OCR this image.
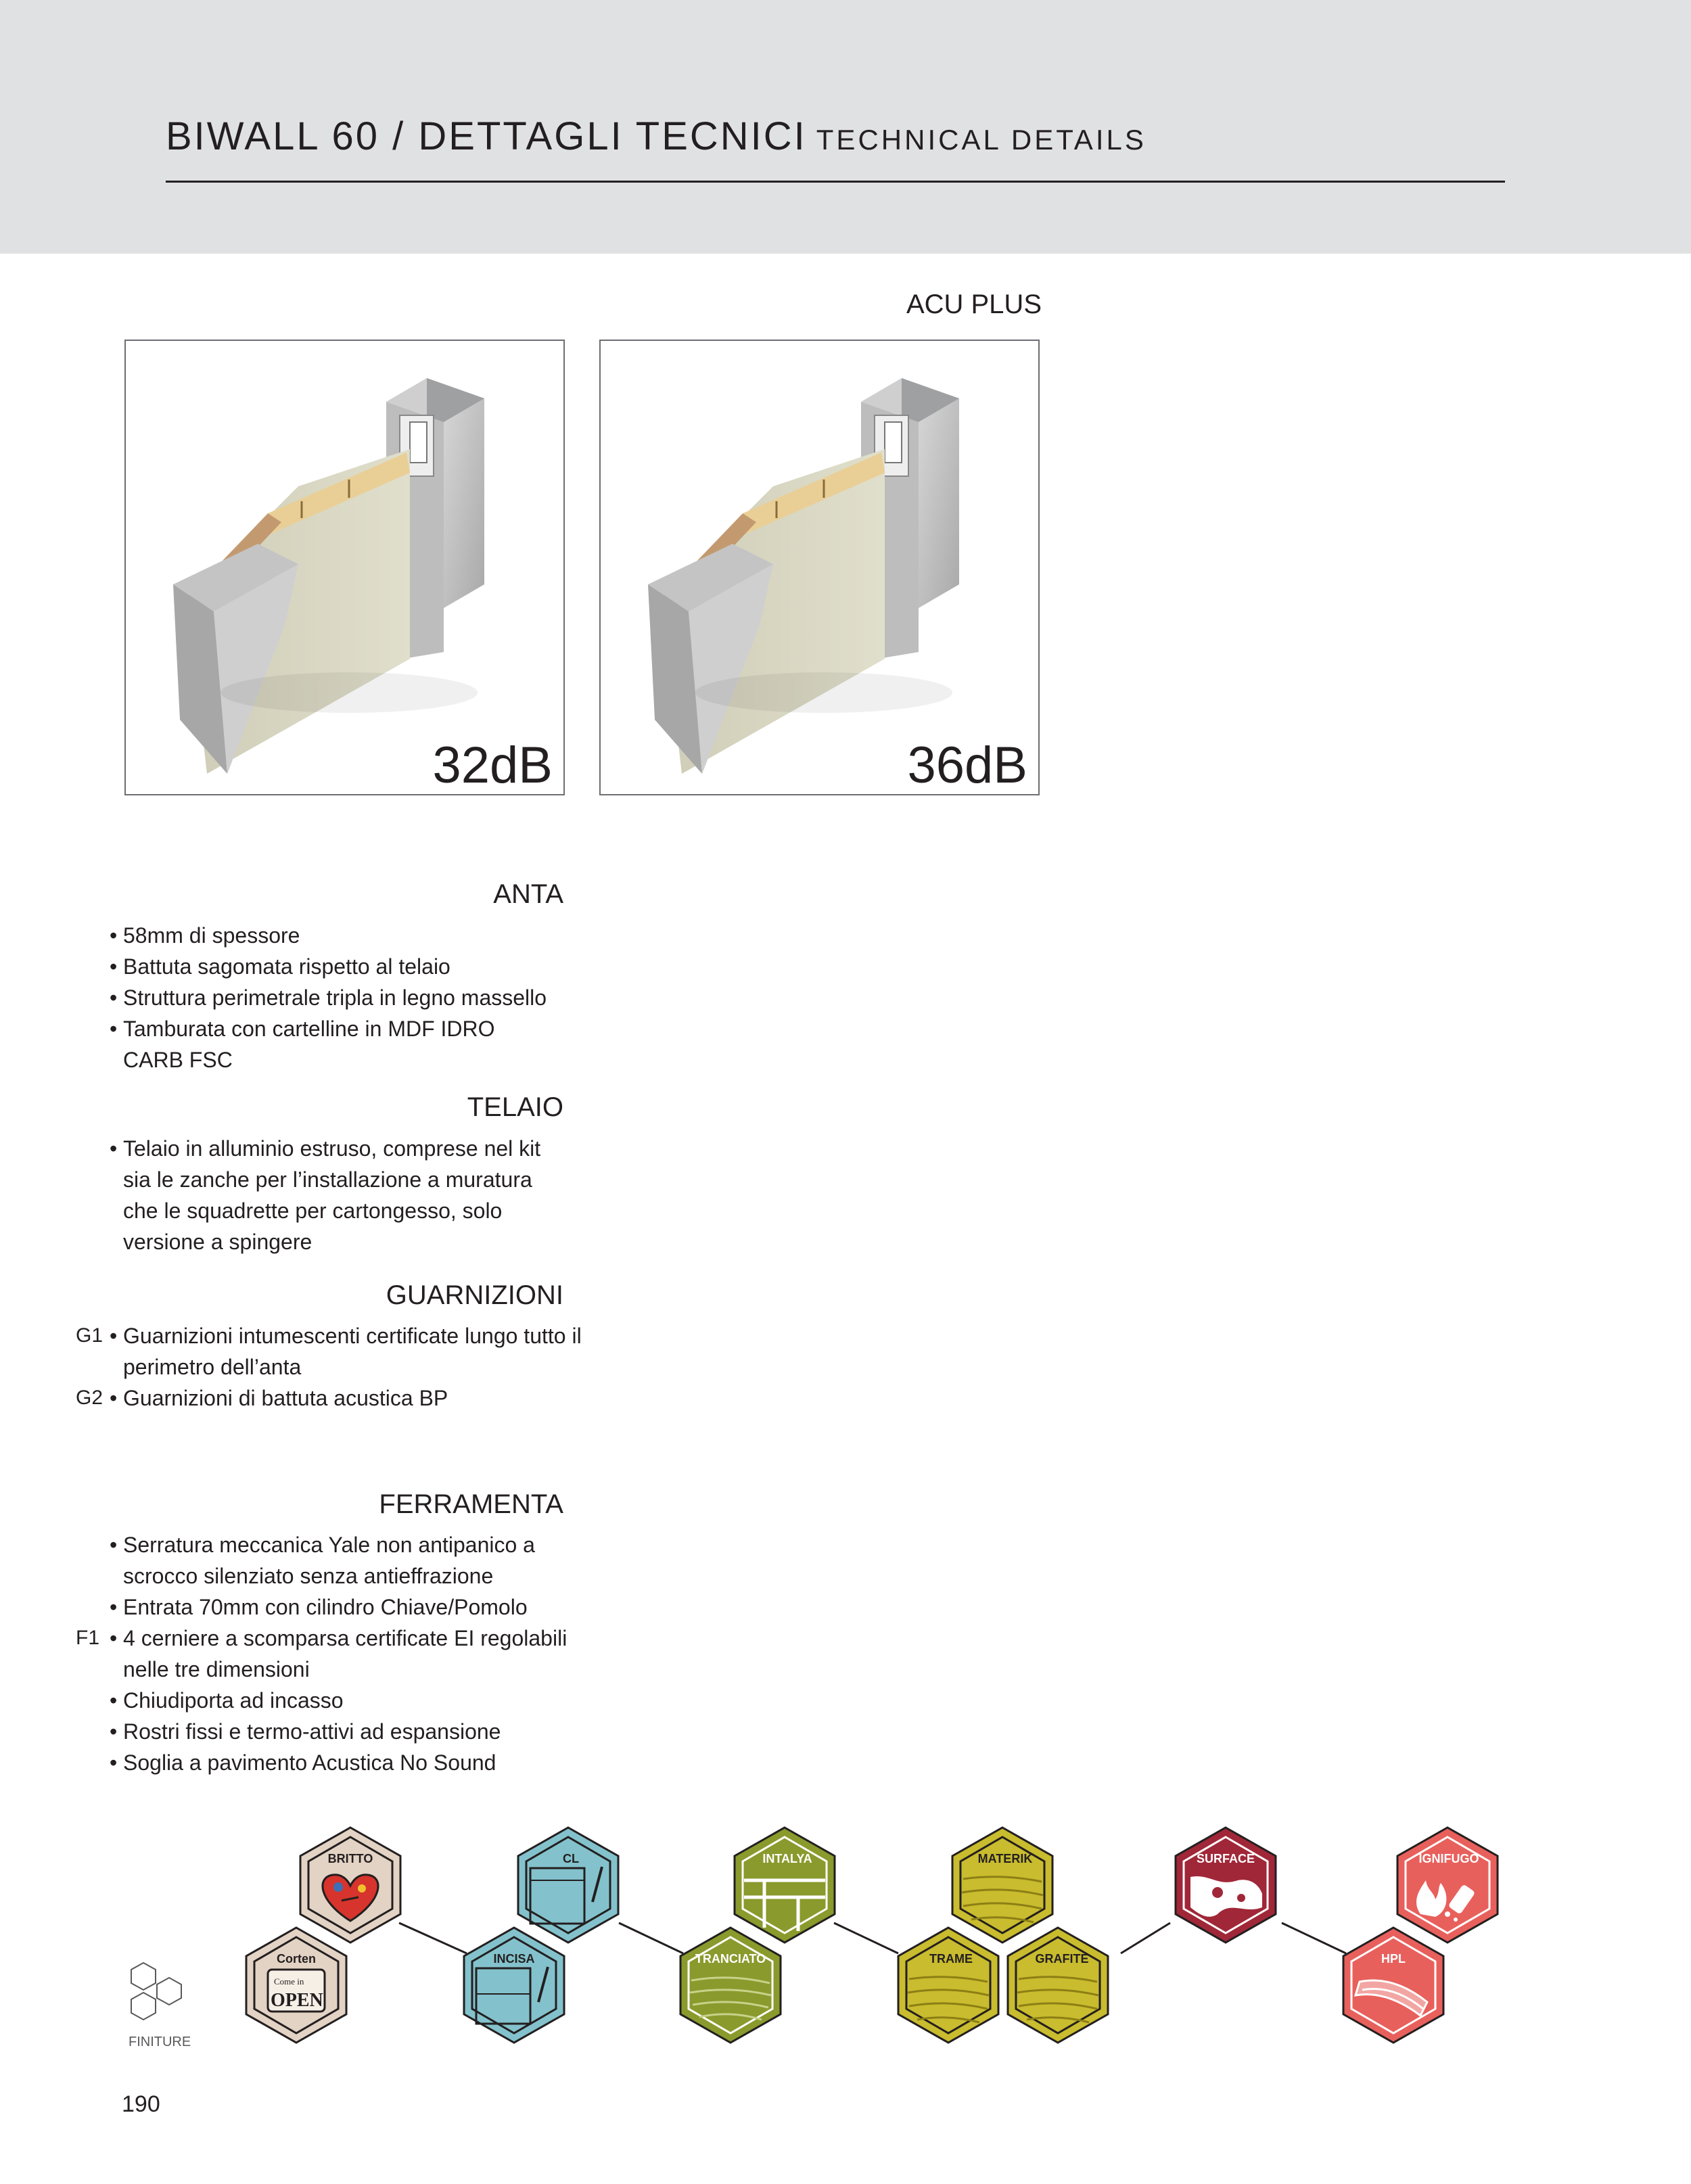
BIWALL 60 / DETTAGLI TECNICI TECHNICAL DETAILS
ACU PLUS
32dB	36dB
ANTA
• 58mm di spessore
• Battuta sagomata rispetto al telaio
• Struttura perimetrale tripla in legno massello
• Tamburata con cartelline in MDF IDRO CARB FSC
TELAIO
• Telaio in alluminio estruso, comprese nel kit sia le zanche per l’installazione a muratura che le squadrette per cartongesso, solo versione a spingere
GUARNIZIONI
G1 • Guarnizioni intumescenti certificate lungo tutto il perimetro dell’anta
G2 • Guarnizioni di battuta acustica BP
FERRAMENTA
• Serratura meccanica Yale non antipanico a scrocco silenziato senza antieffrazione
• Entrata 70mm con cilindro Chiave/Pomolo
F1 • 4 cerniere a scomparsa certificate EI regolabili nelle tre dimensioni
• Chiudiporta ad incasso
• Rostri fissi e termo-attivi ad espansione
• Soglia a pavimento Acustica No Sound
BRITTO
Corten
Come in
OPEN
CL
INCISA
INTALYA
TRANCIATO
MATERIK
TRAME	GRAFITE
SURFACE	IGNIFUGO
HPL
FINITURE
190
